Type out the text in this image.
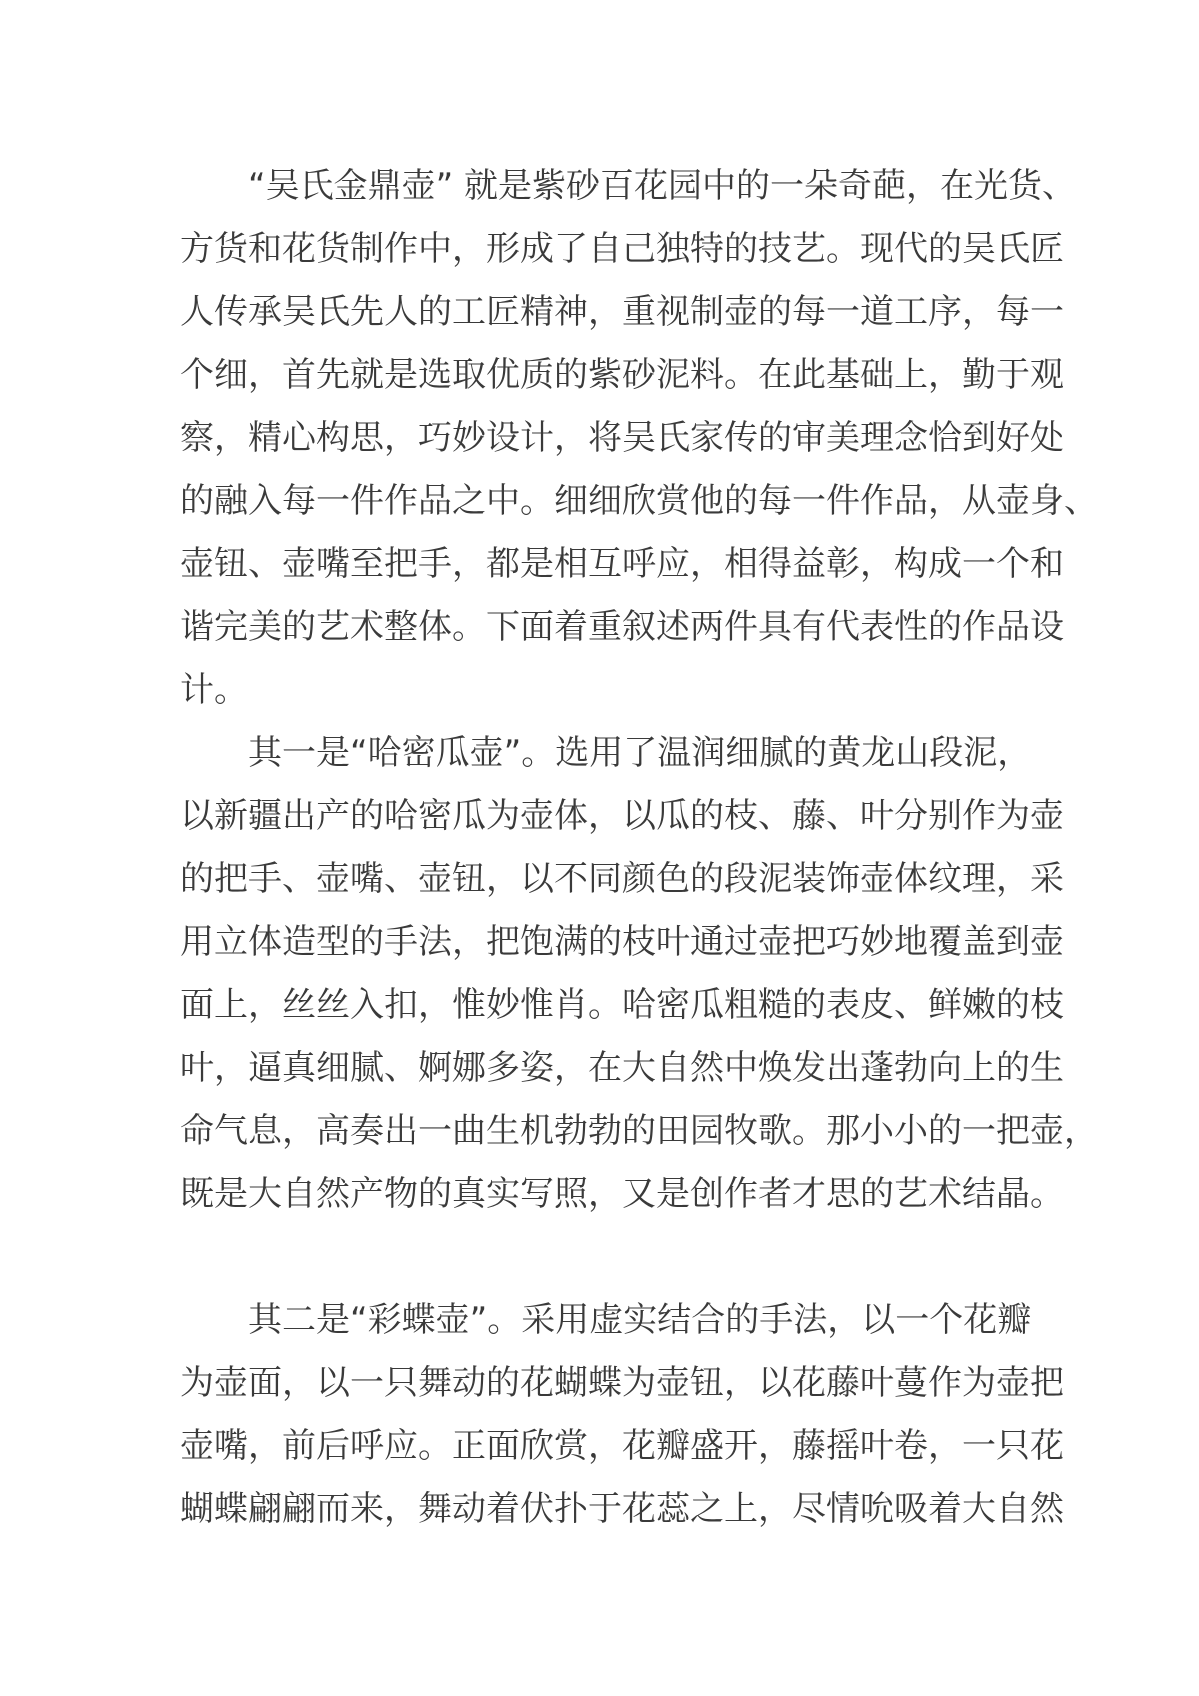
“吴氏金鼎壶” 就是紫砂百花园中的一朵奇葩，在光货、
方货和花货制作中，形成了自己独特的技艺。现代的吴氏匠
人传承吴氏先人的工匠精神，重视制壶的每一道工序，每一
个细，首先就是选取优质的紫砂泥料。在此基础上，勤于观
察，精心构思，巧妙设计，将吴氏家传的审美理念恰到好处
的融入每一件作品之中。细细欣赏他的每一件作品，从壶身、
壶钮、壶嘴至把手，都是相互呼应，相得益彰，构成一个和
谐完美的艺术整体。下面着重叙述两件具有代表性的作品设
计。
其一是“哈密瓜壶”。选用了温润细腻的黄龙山段泥，
以新疆出产的哈密瓜为壶体，以瓜的枝、藤、叶分别作为壶
的把手、壶嘴、壶钮，以不同颜色的段泥装饰壶体纹理，采
用立体造型的手法，把饱满的枝叶通过壶把巧妙地覆盖到壶
面上，丝丝入扣，惟妙惟肖。哈密瓜粗糙的表皮、鲜嫩的枝
叶，逼真细腻、婀娜多姿，在大自然中焕发出蓬勃向上的生
命气息，高奏出一曲生机勃勃的田园牧歌。那小小的一把壶，
既是大自然产物的真实写照，又是创作者才思的艺术结晶。
其二是“彩蝶壶”。采用虚实结合的手法，以一个花瓣
为壶面，以一只舞动的花蝴蝶为壶钮，以花藤叶蔓作为壶把
壶嘴，前后呼应。正面欣赏，花瓣盛开，藤摇叶卷，一只花
蝴蝶翩翩而来，舞动着伏扑于花蕊之上，尽情吮吸着大自然
